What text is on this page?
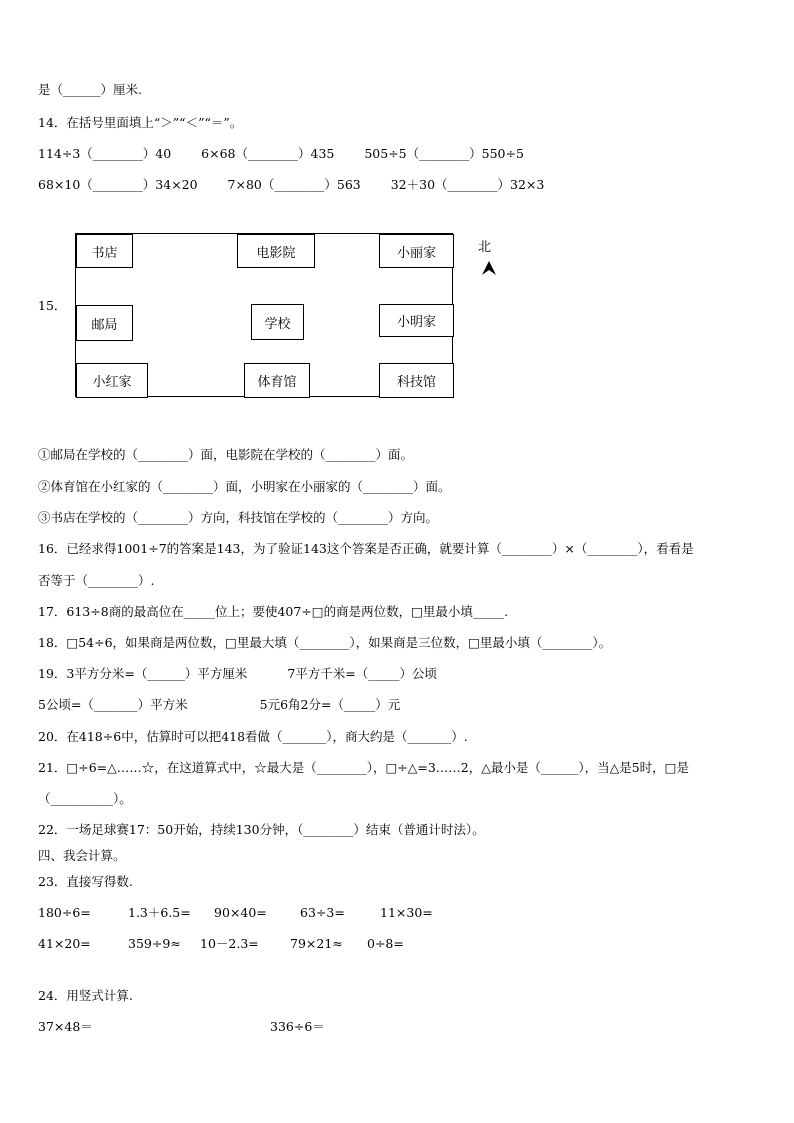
是（______）厘米.
14．在括号里面填上“＞”“＜”“＝”。
114÷3（________）40 6×68（________）435 505÷5（________）550÷5
68×10（________）34×20 7×80（________）563 32＋30（________）32×3
15．
书店	电影院	小丽家
邮局	学校	小明家
小红家	体育馆	科技馆
北
①邮局在学校的（________）面，电影院在学校的（________）面。
②体育馆在小红家的（________）面，小明家在小丽家的（________）面。
③书店在学校的（________）方向，科技馆在学校的（________）方向。
16．已经求得1001÷7的答案是143，为了验证143这个答案是否正确，就要计算（________）×（________），看看是
否等于（________）.
17．613÷8商的最高位在_____位上；要使407÷□的商是两位数，□里最小填_____.
18．□54÷6，如果商是两位数，□里最大填（________），如果商是三位数，□里最小填（________）。
19．3平方分米=（______）平方厘米	7平方千米=（_____）公顷
5公顷=（_______）平方米	5元6角2分=（_____）元
20．在418÷6中，估算时可以把418看做（_______），商大约是（_______）.
21．□÷6=△……☆，在这道算式中，☆最大是（________），□÷△=3……2，△最小是（______），当△是5时，□是
（__________）。
22．一场足球赛17：50开始，持续130分钟，（________）结束（普通计时法）。
四、我会计算。
23．直接写得数.
180÷6=	1.3＋6.5= 90×40=	63÷3=	11×30=
41×20=	359÷9≈ 10－2.3= 79×21≈ 0÷8=
24．用竖式计算.
37×48＝	336÷6＝
